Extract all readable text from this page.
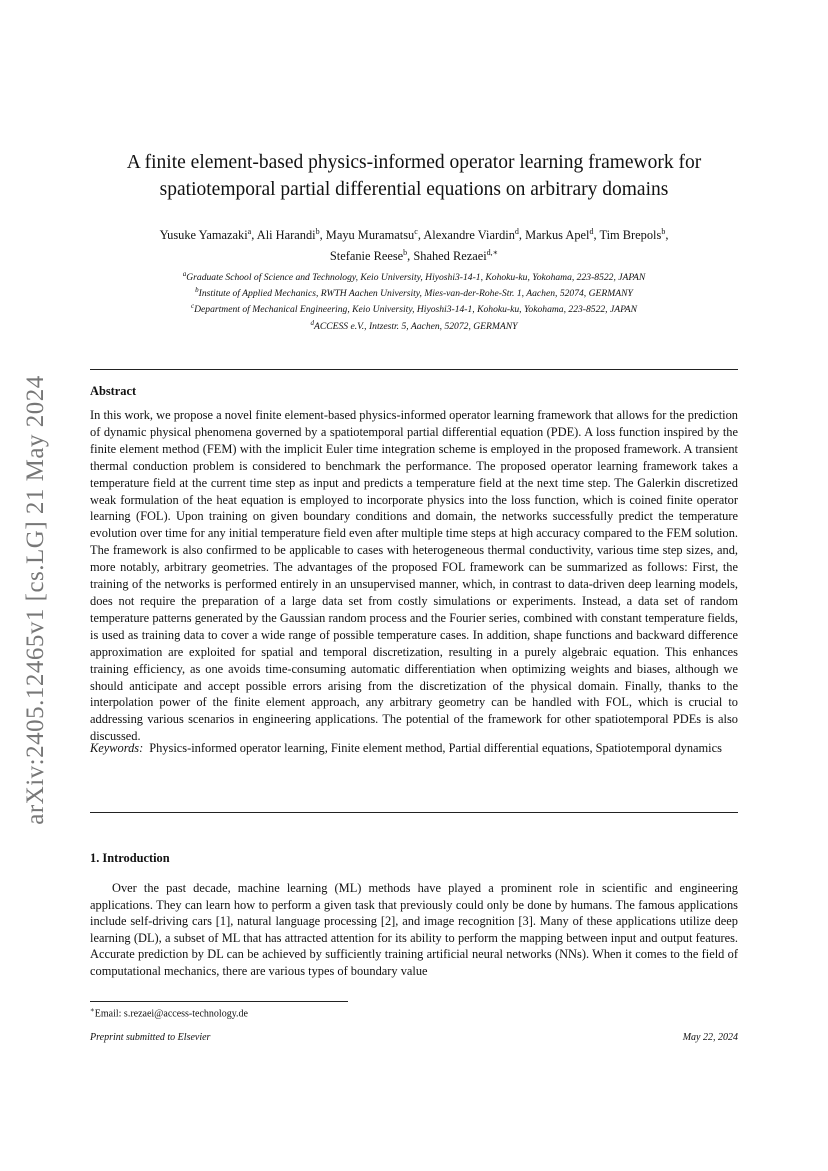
arXiv:2405.12465v1 [cs.LG] 21 May 2024
A finite element-based physics-informed operator learning framework for
spatiotemporal partial differential equations on arbitrary domains
Yusuke Yamazaki$^a$, Ali Harandi$^b$, Mayu Muramatsu$^c$, Alexandre Viardin$^d$, Markus Apel$^d$, Tim Brepols$^b$,
Stefanie Reese$^b$, Shahed Rezaei$^{d,∗}$
$^a$Graduate School of Science and Technology, Keio University, Hiyoshi3-14-1, Kohoku-ku, Yokohama, 223-8522, JAPAN
$^b$Institute of Applied Mechanics, RWTH Aachen University, Mies-van-der-Rohe-Str. 1, Aachen, 52074, GERMANY
$^c$Department of Mechanical Engineering, Keio University, Hiyoshi3-14-1, Kohoku-ku, Yokohama, 223-8522, JAPAN
$^d$ACCESS e.V., Intzestr. 5, Aachen, 52072, GERMANY
Abstract

In this work, we propose a novel finite element-based physics-informed operator learning framework that allows for the prediction of dynamic physical phenomena governed by a spatiotemporal partial differential equation (PDE). A loss function inspired by the finite element method (FEM) with the implicit Euler time integration scheme is employed in the proposed framework. A transient thermal conduction problem is considered to benchmark the performance. The proposed operator learning framework takes a temperature field at the current time step as input and predicts a temperature field at the next time step. The Galerkin discretized weak formulation of the heat equation is employed to incorporate physics into the loss function, which is coined finite operator learning (FOL). Upon training on given boundary conditions and domain, the networks successfully predict the temperature evolution over time for any initial temperature field even after multiple time steps at high accuracy compared to the FEM solution. The framework is also confirmed to be applicable to cases with heterogeneous thermal conductivity, various time step sizes, and, more notably, arbitrary geometries. The advantages of the proposed FOL framework can be summarized as follows: First, the training of the networks is performed entirely in an unsupervised manner, which, in contrast to data-driven deep learning models, does not require the preparation of a large data set from costly simulations or experiments. Instead, a data set of random temperature patterns generated by the Gaussian random process and the Fourier series, combined with constant temperature fields, is used as training data to cover a wide range of possible temperature cases. In addition, shape functions and backward difference approximation are exploited for spatial and temporal discretization, resulting in a purely algebraic equation. This enhances training efficiency, as one avoids time-consuming automatic differentiation when optimizing weights and biases, although we should anticipate and accept possible errors arising from the discretization of the physical domain. Finally, thanks to the interpolation power of the finite element approach, any arbitrary geometry can be handled with FOL, which is crucial to addressing various scenarios in engineering applications. The potential of the framework for other spatiotemporal PDEs is also discussed.

Keywords: Physics-informed operator learning, Finite element method, Partial differential equations, Spatiotemporal dynamics
1. Introduction

Over the past decade, machine learning (ML) methods have played a prominent role in scientific and engineering applications. They can learn how to perform a given task that previously could only be done by humans. The famous applications include self-driving cars [1], natural language processing [2], and image recognition [3]. Many of these applications utilize deep learning (DL), a subset of ML that has attracted attention for its ability to perform the mapping between input and output features. Accurate prediction by DL can be achieved by sufficiently training artificial neural networks (NNs). When it comes to the field of computational mechanics, there are various types of boundary value

∗Email: s.rezaei@access-technology.de
Preprint submitted to Elsevier	May 22, 2024
